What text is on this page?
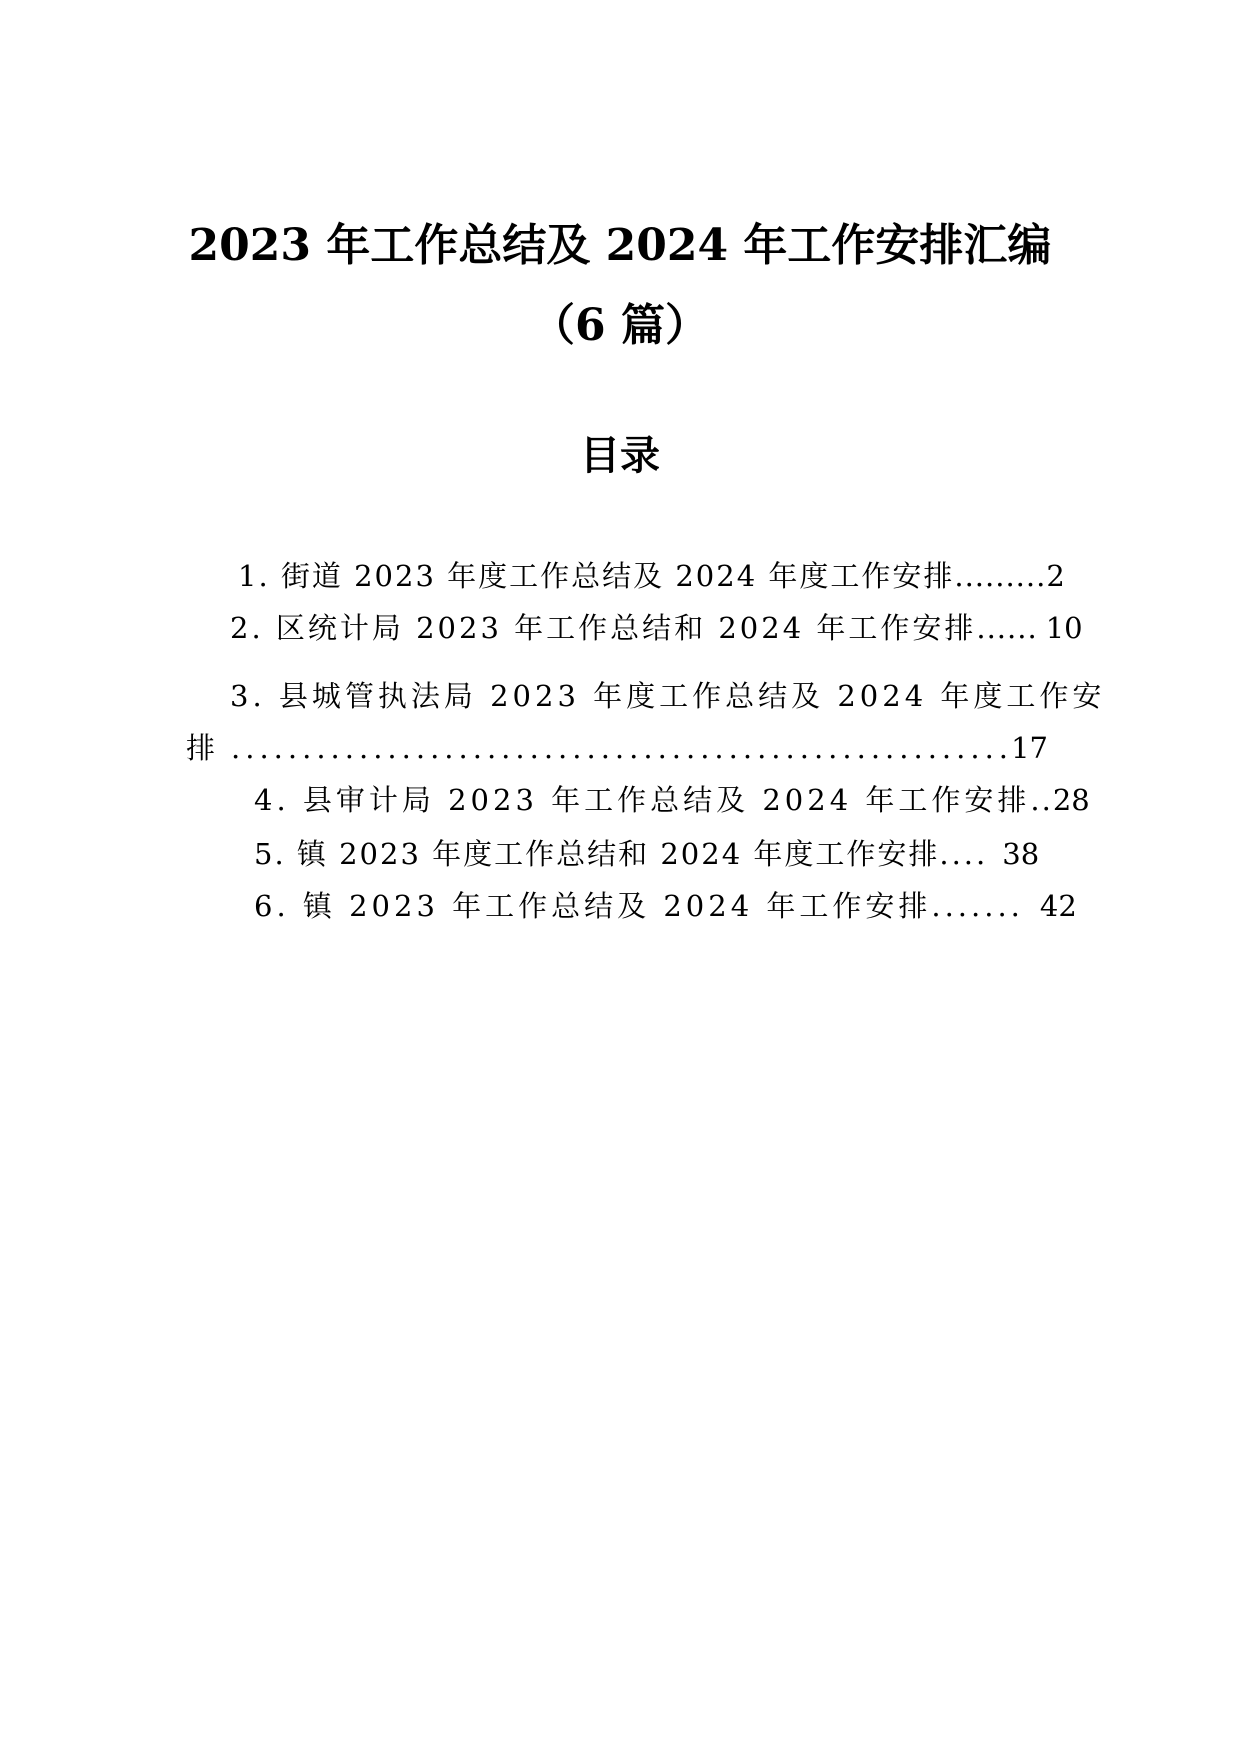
2023 年工作总结及 2024 年工作安排汇编
（6 篇）
目录
1. 街道 2023 年度工作总结及 2024 年度工作安排 ......... 2
2. 区统计局 2023 年工作总结和 2024 年工作安排 ...... 10
3. 县城管执法局 2023 年度工作总结及 2024 年度工作安
排 .....	17
4. 县审计局 2023 年工作总结及 2024 年工作安排 .. 28
5. 镇 2023 年度工作总结和 2024 年度工作安排 .... 38
6. 镇 2023 年工作总结及 2024 年工作安排 ....... 42
